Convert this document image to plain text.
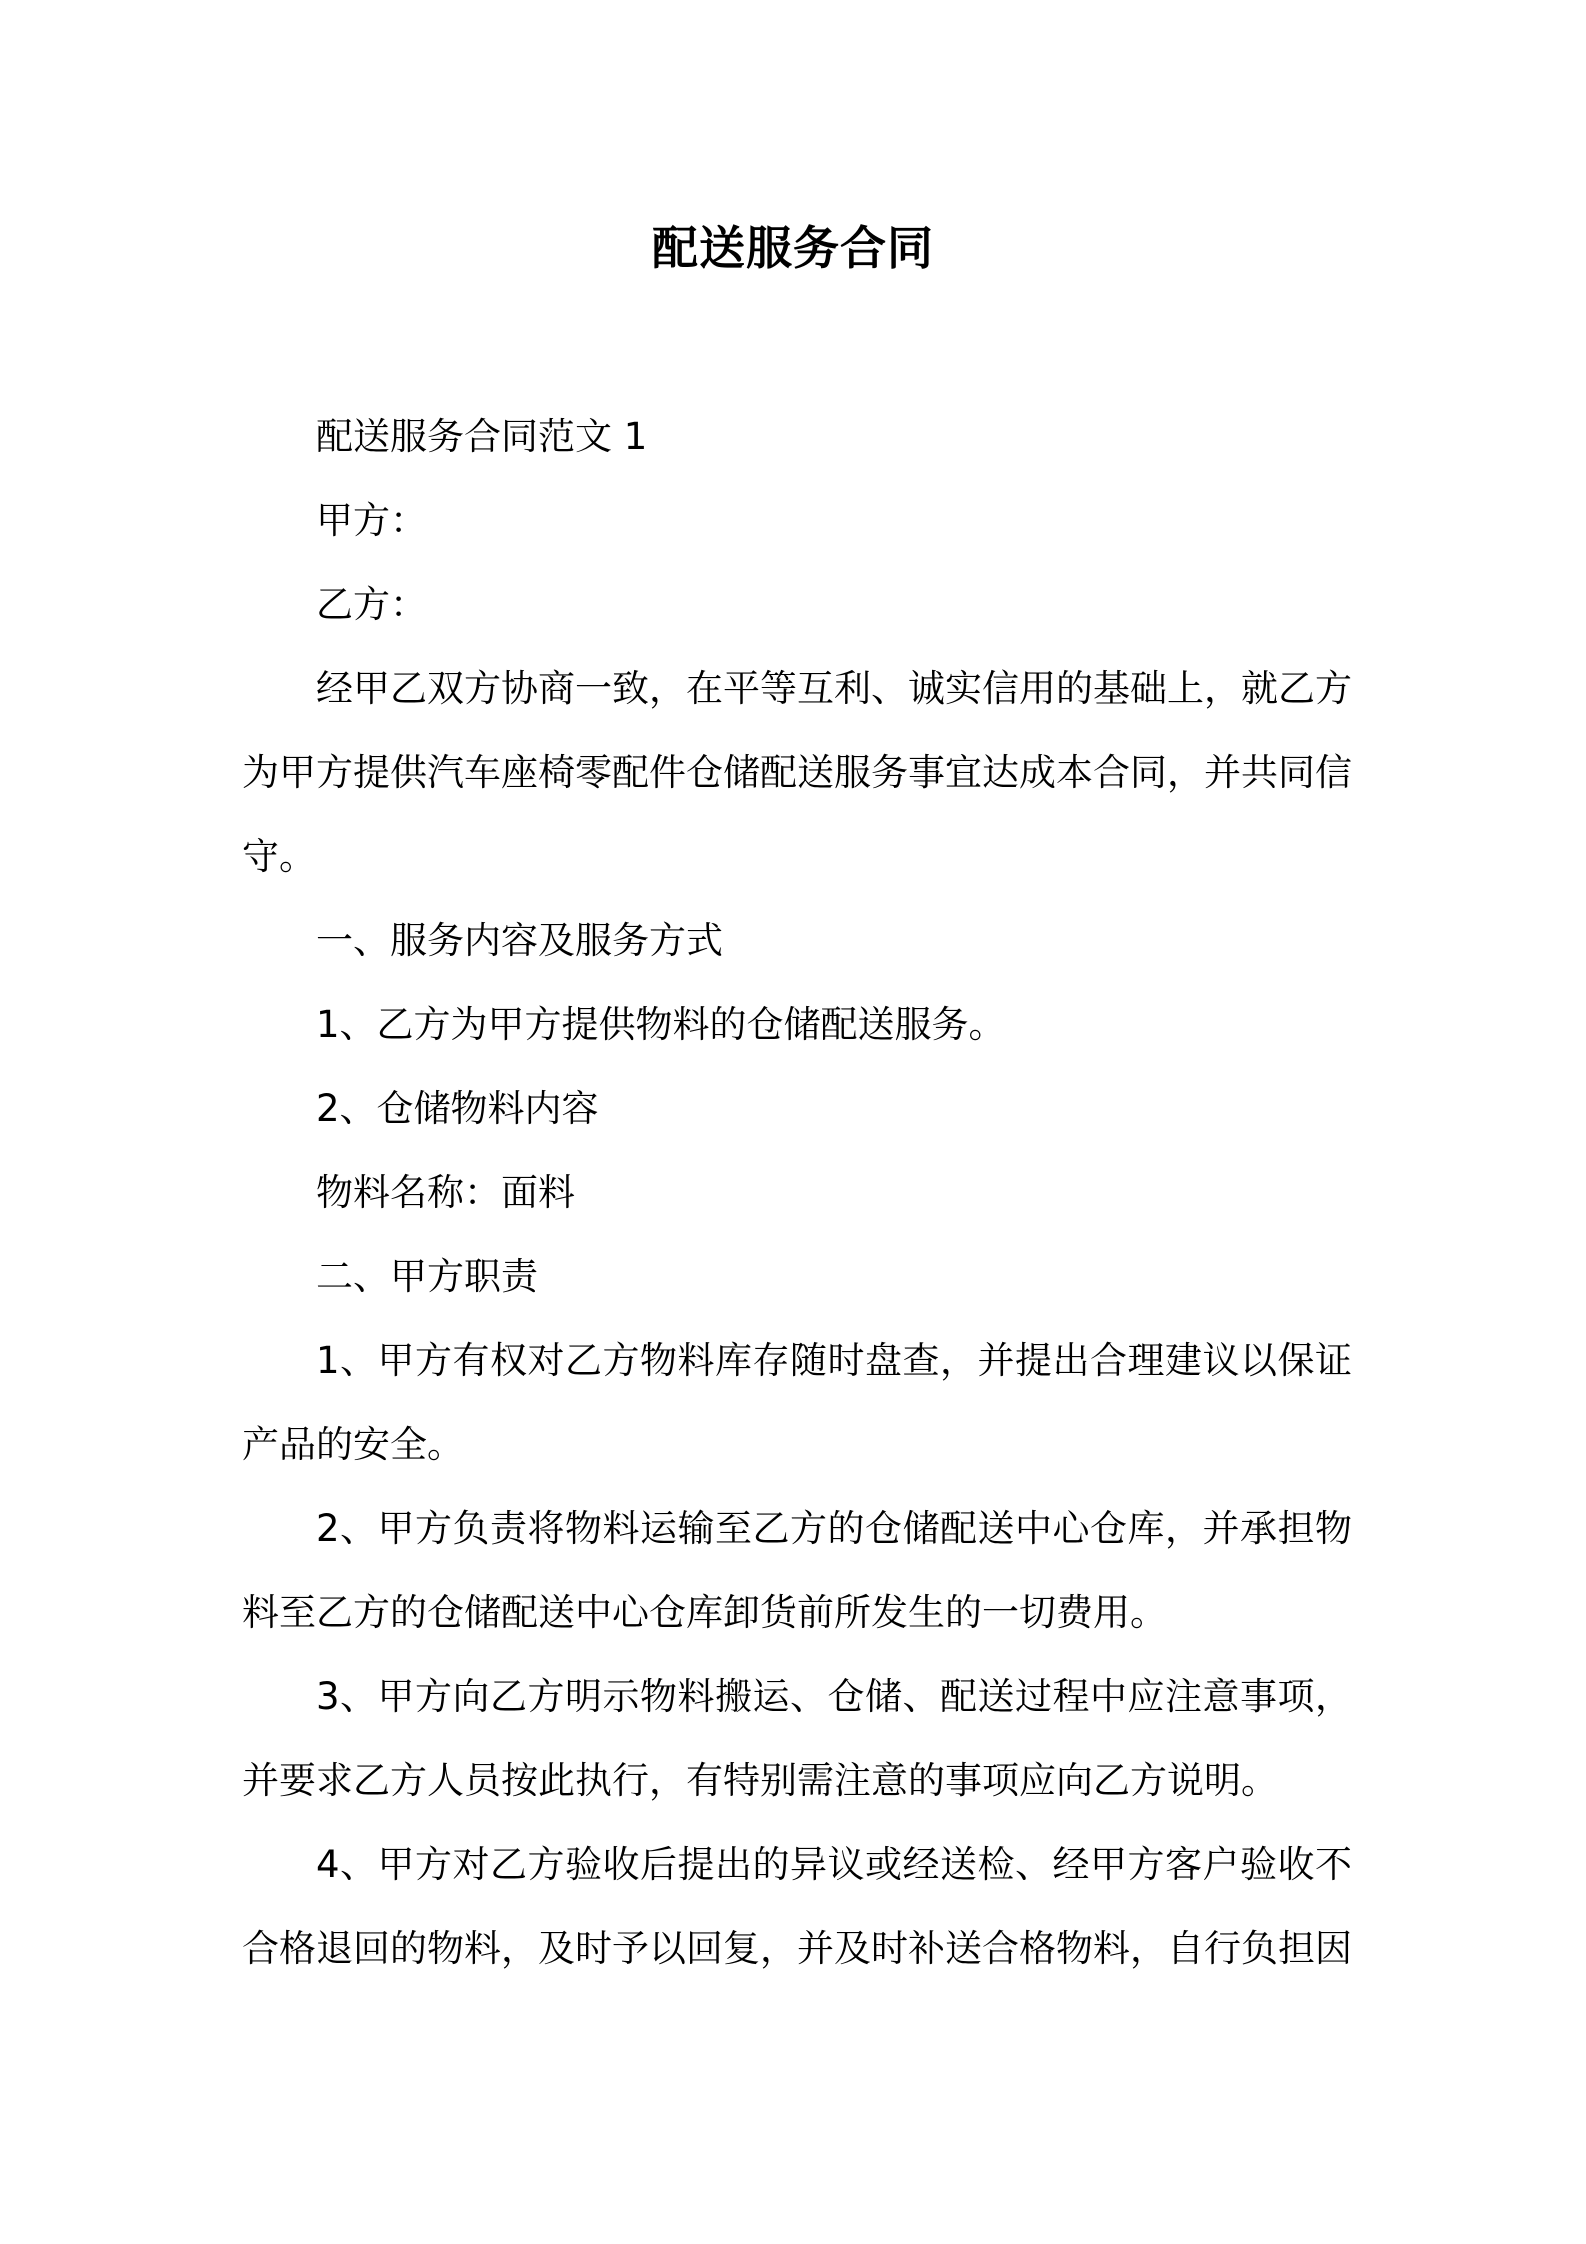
配送服务合同

配送服务合同范文 1

甲方：

乙方：

经甲乙双方协商一致，在平等互利、诚实信用的基础上，就乙方为甲方提供汽车座椅零配件仓储配送服务事宜达成本合同，并共同信守。

一、服务内容及服务方式

1、乙方为甲方提供物料的仓储配送服务。

2、仓储物料内容

物料名称：面料

二、甲方职责

1、甲方有权对乙方物料库存随时盘查，并提出合理建议以保证产品的安全。

2、甲方负责将物料运输至乙方的仓储配送中心仓库，并承担物料至乙方的仓储配送中心仓库卸货前所发生的一切费用。

3、甲方向乙方明示物料搬运、仓储、配送过程中应注意事项，并要求乙方人员按此执行，有特别需注意的事项应向乙方说明。

4、甲方对乙方验收后提出的异议或经送检、经甲方客户验收不合格退回的物料，及时予以回复，并及时补送合格物料，自行负担因
